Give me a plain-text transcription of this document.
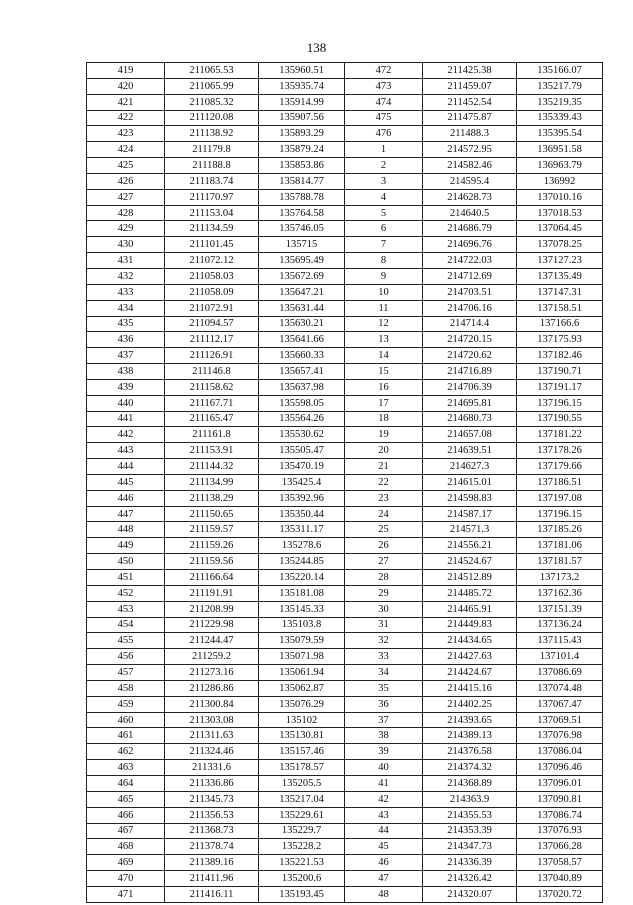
138
419	211065.53	135960.51	472	211425.38	135166.07
420	211065.99	135935.74	473	211459.07	135217.79
421	211085.32	135914.99	474	211452.54	135219.35
422	211120.08	135907.56	475	211475.87	135339.43
423	211138.92	135893.29	476	211488.3	135395.54
424	211179.8	135879.24	1	214572.95	136951.58
425	211188.8	135853.86	2	214582.46	136963.79
426	211183.74	135814.77	3	214595.4	136992
427	211170.97	135788.78	4	214628.73	137010.16
428	211153.04	135764.58	5	214640.5	137018.53
429	211134.59	135746.05	6	214686.79	137064.45
430	211101.45	135715	7	214696.76	137078.25
431	211072.12	135695.49	8	214722.03	137127.23
432	211058.03	135672.69	9	214712.69	137135.49
433	211058.09	135647.21	10	214703.51	137147.31
434	211072.91	135631.44	11	214706.16	137158.51
435	211094.57	135630.21	12	214714.4	137166.6
436	211112.17	135641.66	13	214720.15	137175.93
437	211126.91	135660.33	14	214720.62	137182.46
438	211146.8	135657.41	15	214716.89	137190.71
439	211158.62	135637.98	16	214706.39	137191.17
440	211167.71	135598.05	17	214695.81	137196.15
441	211165.47	135564.26	18	214680.73	137190.55
442	211161.8	135530.62	19	214657.08	137181.22
443	211153.91	135505.47	20	214639.51	137178.26
444	211144.32	135470.19	21	214627.3	137179.66
445	211134.99	135425.4	22	214615.01	137186.51
446	211138.29	135392.96	23	214598.83	137197.08
447	211150.65	135350.44	24	214587.17	137196.15
448	211159.57	135311.17	25	214571.3	137185.26
449	211159.26	135278.6	26	214556.21	137181.06
450	211159.56	135244.85	27	214524.67	137181.57
451	211166.64	135220.14	28	214512.89	137173.2
452	211191.91	135181.08	29	214485.72	137162.36
453	211208.99	135145.33	30	214465.91	137151.39
454	211229.98	135103.8	31	214449.83	137136.24
455	211244.47	135079.59	32	214434.65	137115.43
456	211259.2	135071.98	33	214427.63	137101.4
457	211273.16	135061.94	34	214424.67	137086.69
458	211286.86	135062.87	35	214415.16	137074.48
459	211300.84	135076.29	36	214402.25	137067.47
460	211303.08	135102	37	214393.65	137069.51
461	211311.63	135130.81	38	214389.13	137076.98
462	211324.46	135157.46	39	214376.58	137086.04
463	211331.6	135178.57	40	214374.32	137096.46
464	211336.86	135205.5	41	214368.89	137096.01
465	211345.73	135217.04	42	214363.9	137090.81
466	211356.53	135229.61	43	214355.53	137086.74
467	211368.73	135229.7	44	214353.39	137076.93
468	211378.74	135228.2	45	214347.73	137066.28
469	211389.16	135221.53	46	214336.39	137058.57
470	211411.96	135200.6	47	214326.42	137040.89
471	211416.11	135193.45	48	214320.07	137020.72
